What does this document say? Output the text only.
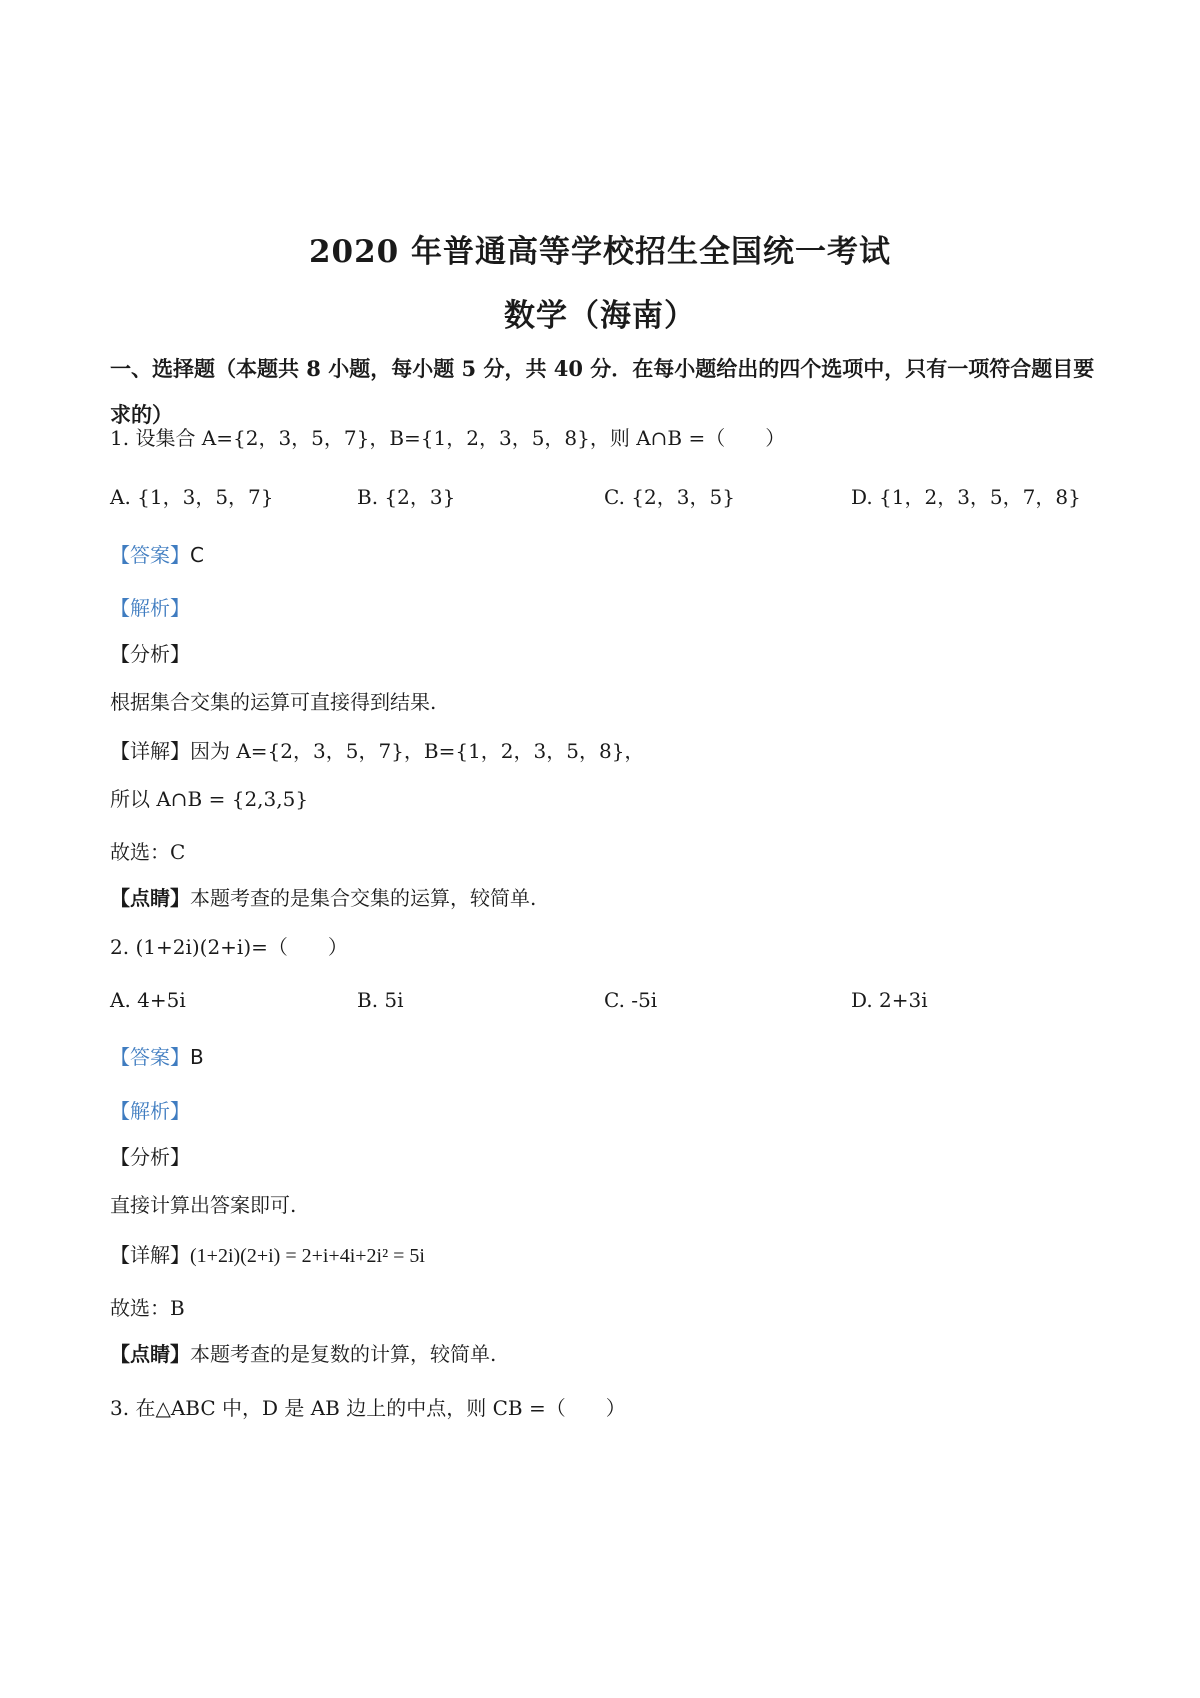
2020 年普通高等学校招生全国统一考试
数学（海南）
一、选择题（本题共 8 小题，每小题 5 分，共 40 分．在每小题给出的四个选项中，只有一项符合题目要求的）
1. 设集合 A={2，3，5，7}，B={1，2，3，5，8}，则 A∩B =（　　）
A. {1，3，5，7}	B. {2，3}	C. {2，3，5}	D. {1，2，3，5，7，8}
【答案】C
【解析】
【分析】
根据集合交集的运算可直接得到结果.
【详解】因为 A={2，3，5，7}，B={1，2，3，5，8}，
所以 A∩B = {2,3,5}
故选：C
【点睛】本题考查的是集合交集的运算，较简单.
2. (1+2i)(2+i)=（　　）
A. 4+5i	B. 5i	C. -5i	D. 2+3i
【答案】B
【解析】
【分析】
直接计算出答案即可.
【详解】(1+2i)(2+i) = 2+i+4i+2i² = 5i
故选：B
【点睛】本题考查的是复数的计算，较简单.
3. 在△ABC 中，D 是 AB 边上的中点，则 CB =（　　）
